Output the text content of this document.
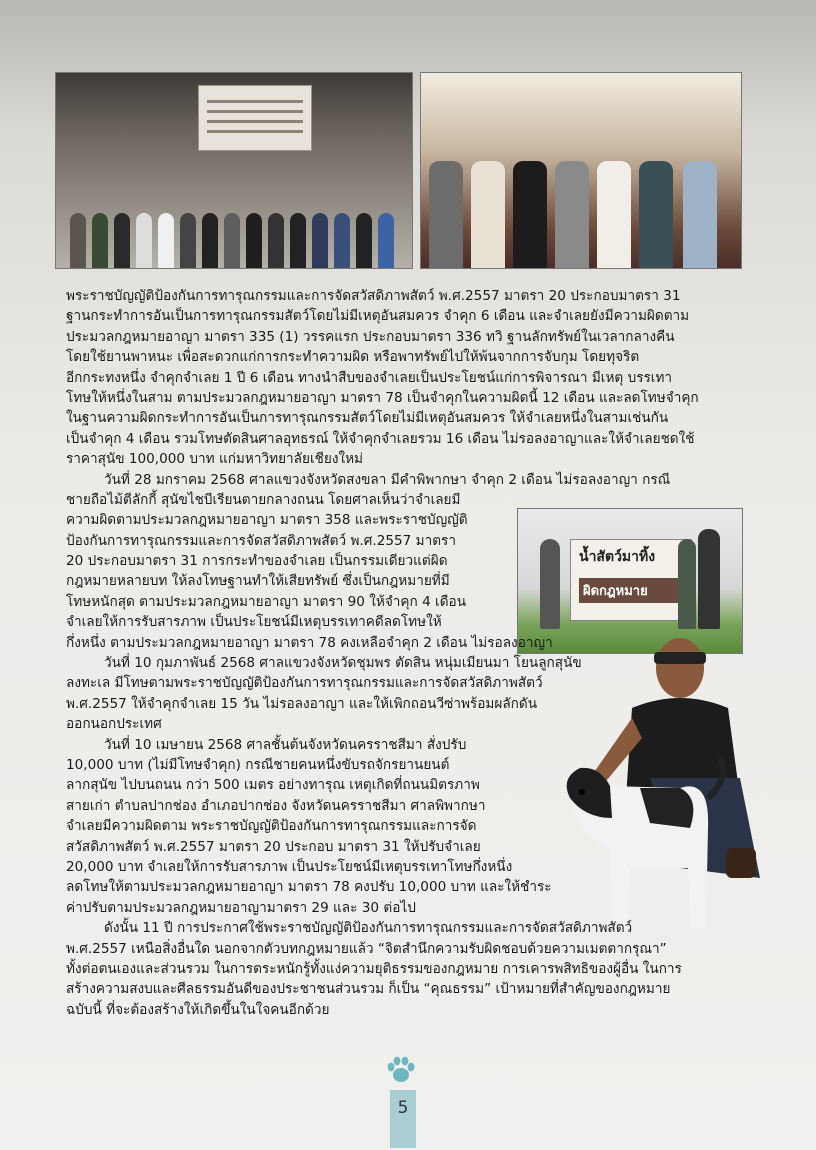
น้ำสัตว์มาทิ้ง
ผิดกฎหมาย
พระราชบัญญัติป้องกันการทารุณกรรมและการจัดสวัสดิภาพสัตว์ พ.ศ.2557 มาตรา 20 ประกอบมาตรา 31
ฐานกระทำการอันเป็นการทารุณกรรมสัตว์โดยไม่มีเหตุอันสมควร จำคุก 6 เดือน และจำเลยยังมีความผิดตาม
ประมวลกฎหมายอาญา มาตรา 335 (1) วรรคแรก ประกอบมาตรา 336 ทวิ ฐานลักทรัพย์ในเวลากลางคืน
โดยใช้ยานพาหนะ เพื่อสะดวกแก่การกระทำความผิด หรือพาทรัพย์ไปให้พ้นจากการจับกุม โดยทุจริต
อีกกระทงหนึ่ง จำคุกจำเลย 1 ปี 6 เดือน ทางนำสืบของจำเลยเป็นประโยชน์แก่การพิจารณา มีเหตุ บรรเทา
โทษให้หนึ่งในสาม ตามประมวลกฎหมายอาญา มาตรา 78 เป็นจำคุกในความผิดนี้ 12 เดือน และลดโทษจำคุก
ในฐานความผิดกระทำการอันเป็นการทารุณกรรมสัตว์โดยไม่มีเหตุอันสมควร ให้จำเลยหนึ่งในสามเช่นกัน
เป็นจำคุก 4 เดือน รวมโทษตัดสินศาลอุทธรณ์ ให้จำคุกจำเลยรวม 16 เดือน ไม่รอลงอาญาและให้จำเลยชดใช้
ราคาสุนัข 100,000 บาท แก่มหาวิทยาลัยเชียงใหม่
วันที่ 28 มกราคม 2568 ศาลแขวงจังหวัดสงขลา มีคำพิพากษา จำคุก 2 เดือน ไม่รอลงอาญา กรณี
ชายถือไม้ตีลักกี้ สุนัขไชบีเรียนตายกลางถนน โดยศาลเห็นว่าจำเลยมี
ความผิดตามประมวลกฎหมายอาญา มาตรา 358 และพระราชบัญญัติ
ป้องกันการทารุณกรรมและการจัดสวัสดิภาพสัตว์ พ.ศ.2557 มาตรา
20 ประกอบมาตรา 31 การกระทำของจำเลย เป็นกรรมเดียวแต่ผิด
กฎหมายหลายบท ให้ลงโทษฐานทำให้เสียทรัพย์ ซึ่งเป็นกฎหมายที่มี
โทษหนักสุด ตามประมวลกฎหมายอาญา มาตรา 90 ให้จำคุก 4 เดือน
จำเลยให้การรับสารภาพ เป็นประโยชน์มีเหตุบรรเทาคดีลดโทษให้
กึ่งหนึ่ง ตามประมวลกฎหมายอาญา มาตรา 78 คงเหลือจำคุก 2 เดือน ไม่รอลงอาญา
วันที่ 10 กุมภาพันธ์ 2568 ศาลแขวงจังหวัดชุมพร ตัดสิน หนุ่มเมียนมา โยนลูกสุนัข
ลงทะเล มีโทษตามพระราชบัญญัติป้องกันการทารุณกรรมและการจัดสวัสดิภาพสัตว์
พ.ศ.2557 ให้จำคุกจำเลย 15 วัน ไม่รอลงอาญา และให้เพิกถอนวีซ่าพร้อมผลักดัน
ออกนอกประเทศ
วันที่ 10 เมษายน 2568 ศาลชั้นต้นจังหวัดนครราชสีมา สั่งปรับ
10,000 บาท (ไม่มีโทษจำคุก) กรณีชายคนหนึ่งขับรถจักรยานยนต์
ลากสุนัข ไปบนถนน กว่า 500 เมตร อย่างทารุณ เหตุเกิดที่ถนนมิตรภาพ
สายเก่า ตำบลปากช่อง อำเภอปากช่อง จังหวัดนครราชสีมา ศาลพิพากษา
จำเลยมีความผิดตาม พระราชบัญญัติป้องกันการทารุณกรรมและการจัด
สวัสดิภาพสัตว์ พ.ศ.2557 มาตรา 20 ประกอบ มาตรา 31 ให้ปรับจำเลย
20,000 บาท จำเลยให้การรับสารภาพ เป็นประโยชน์มีเหตุบรรเทาโทษกึ่งหนึ่ง
ลดโทษให้ตามประมวลกฎหมายอาญา มาตรา 78 คงปรับ 10,000 บาท และให้ชำระ
ค่าปรับตามประมวลกฎหมายอาญามาตรา 29 และ 30 ต่อไป
ดังนั้น 11 ปี การประกาศใช้พระราชบัญญัติป้องกันการทารุณกรรมและการจัดสวัสดิภาพสัตว์
พ.ศ.2557 เหนือสิ่งอื่นใด นอกจากตัวบทกฎหมายแล้ว “จิตสำนึกความรับผิดชอบด้วยความเมตตากรุณา”
ทั้งต่อตนเองและส่วนรวม ในการตระหนักรู้ทั้งแง่ความยุติธรรมของกฎหมาย การเคารพสิทธิของผู้อื่น ในการ
สร้างความสงบและศีลธรรมอันดีของประชาชนส่วนรวม ก็เป็น “คุณธรรม” เป้าหมายที่สำคัญของกฎหมาย
ฉบับนี้ ที่จะต้องสร้างให้เกิดขึ้นในใจคนอีกด้วย
5
